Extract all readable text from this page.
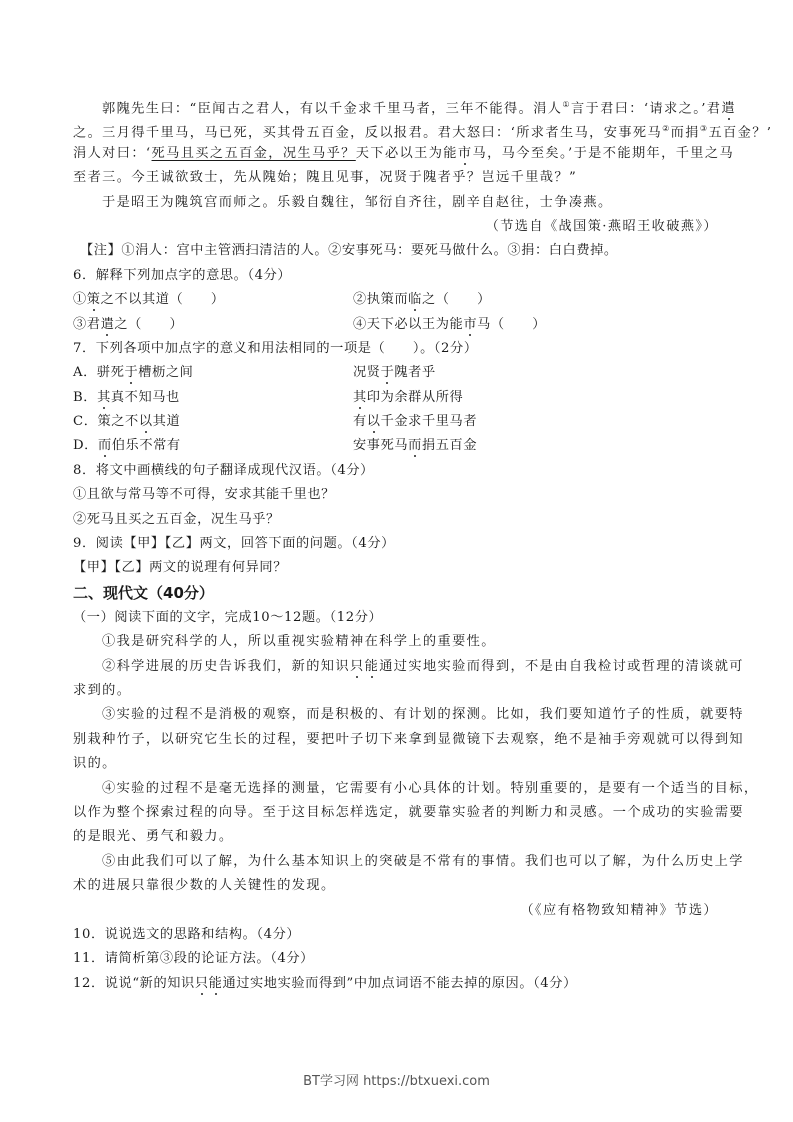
郭隗先生曰：“臣闻古之君人，有以千金求千里马者，三年不能得。涓人①言于君曰：‘请求之。’君遣
之。三月得千里马，马已死，买其骨五百金，反以报君。君大怒曰：‘所求者生马，安事死马②而捐③五百金？’
涓人对曰：‘死马且买之五百金，况生马乎？天下必以王为能市马，马今至矣。’于是不能期年，千里之马
至者三。今王诚欲致士，先从隗始；隗且见事，况贤于隗者乎？岂远千里哉？”
于是昭王为隗筑宫而师之。乐毅自魏往，邹衍自齐往，剧辛自赵往，士争凑燕。
（节选自《战国策·燕昭王收破燕》）
【注】①涓人：宫中主管洒扫清洁的人。②安事死马：要死马做什么。③捐：白白费掉。
6．解释下列加点字的意思。（4分）
①策之不以其道（　　）	②执策而临之（　　）
③君遣之（　　）	④天下必以王为能市马（　　）
7．下列各项中加点字的意义和用法相同的一项是（　　）。（2分）
A．骈死于槽枥之间	况贤于隗者乎
B．其真不知马也	其印为余群从所得
C．策之不以其道	有以千金求千里马者
D．而伯乐不常有	安事死马而捐五百金
8．将文中画横线的句子翻译成现代汉语。（4分）
①且欲与常马等不可得，安求其能千里也？
②死马且买之五百金，况生马乎？
9．阅读【甲】【乙】两文，回答下面的问题。（4分）
【甲】【乙】两文的说理有何异同？
二、现代文（40分）
（一）阅读下面的文字，完成10～12题。（12分）
①我是研究科学的人，所以重视实验精神在科学上的重要性。
②科学进展的历史告诉我们，新的知识只能通过实地实验而得到，不是由自我检讨或哲理的清谈就可
求到的。
③实验的过程不是消极的观察，而是积极的、有计划的探测。比如，我们要知道竹子的性质，就要特
别栽种竹子，以研究它生长的过程，要把叶子切下来拿到显微镜下去观察，绝不是袖手旁观就可以得到知
识的。
④实验的过程不是毫无选择的测量，它需要有小心具体的计划。特别重要的，是要有一个适当的目标，
以作为整个探索过程的向导。至于这目标怎样选定，就要靠实验者的判断力和灵感。一个成功的实验需要
的是眼光、勇气和毅力。
⑤由此我们可以了解，为什么基本知识上的突破是不常有的事情。我们也可以了解，为什么历史上学
术的进展只靠很少数的人关键性的发现。
（《应有格物致知精神》节选）
10．说说选文的思路和结构。（4分）
11．请简析第③段的论证方法。（4分）
12．说说“新的知识只能通过实地实验而得到”中加点词语不能去掉的原因。（4分）
BT学习网 https://btxuexi.com
